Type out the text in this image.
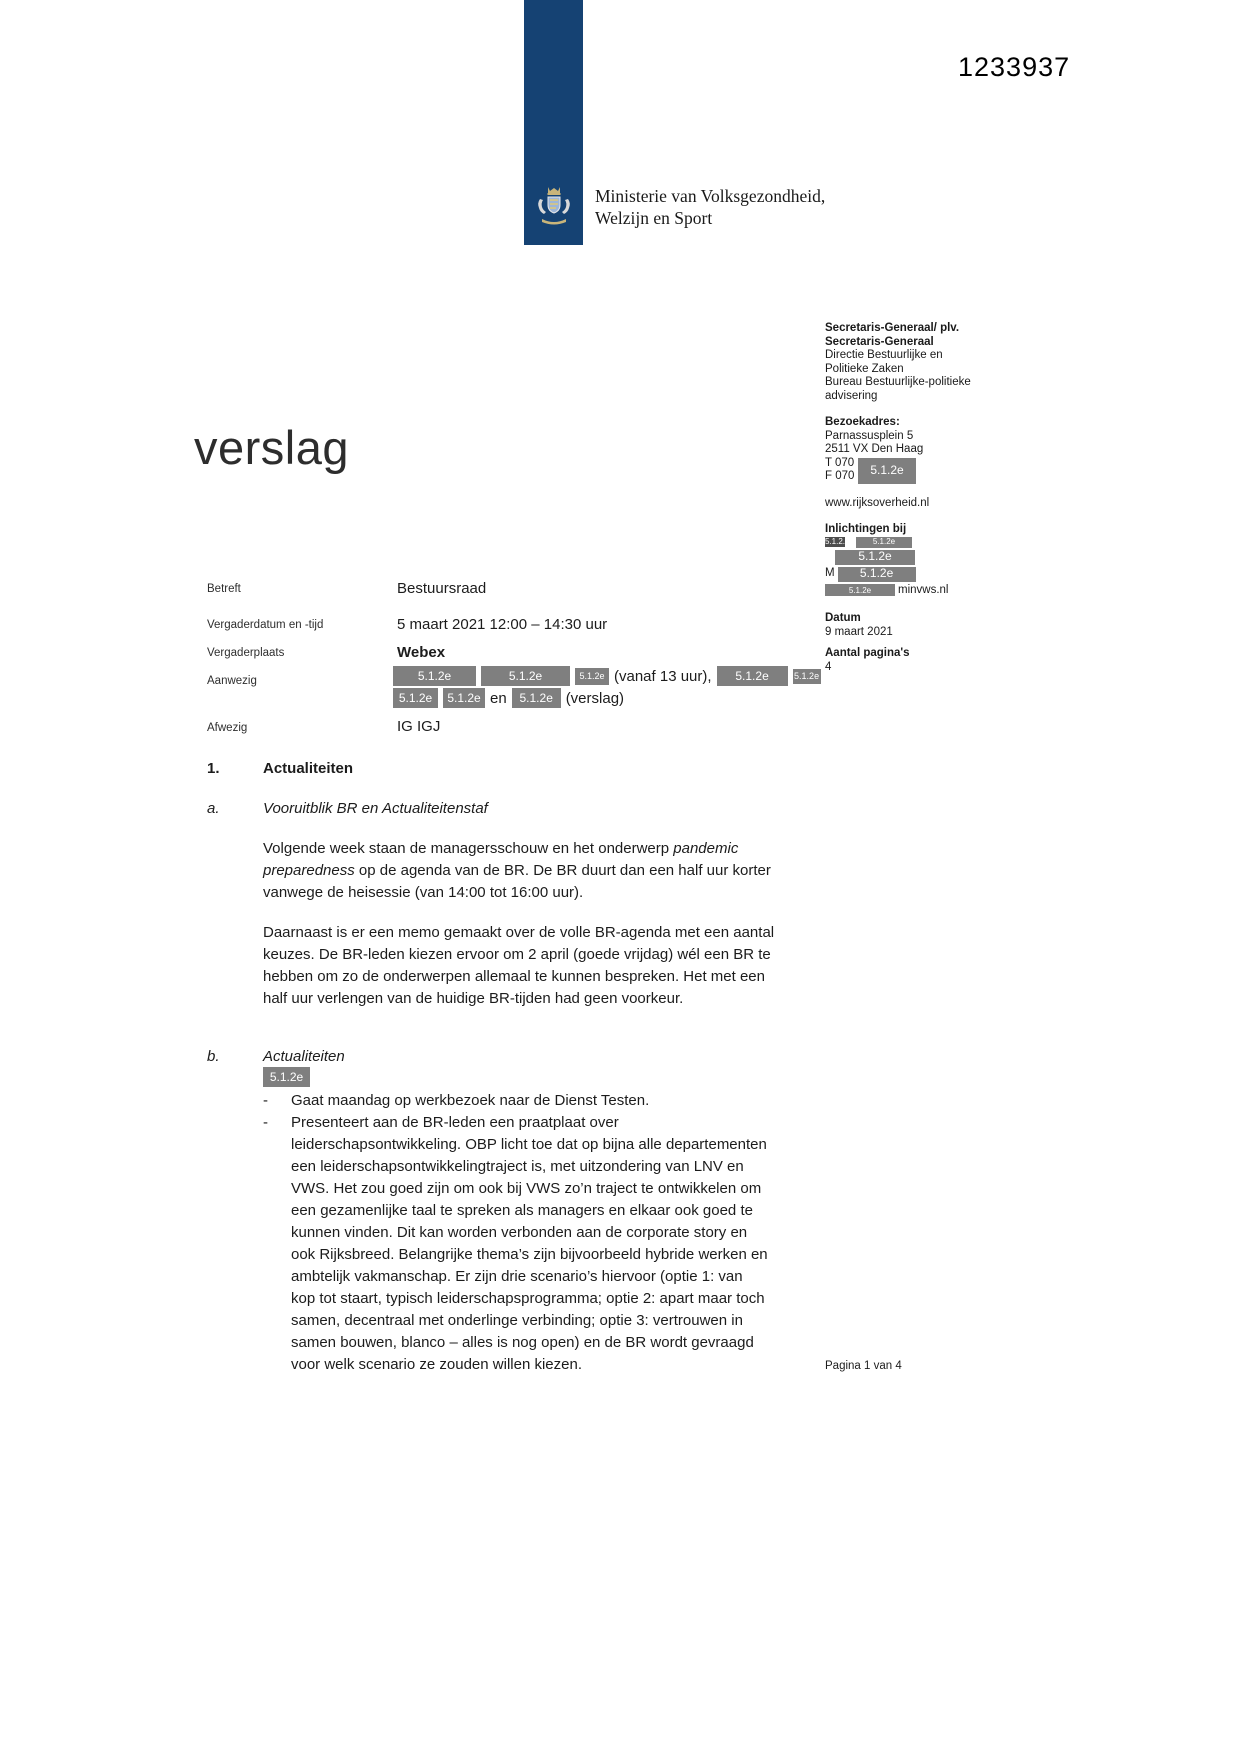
1233937
Ministerie van Volksgezondheid,
Welzijn en Sport
verslag
Secretaris-Generaal/ plv.
Secretaris-Generaal
Directie Bestuurlijke en
Politieke Zaken
Bureau Bestuurlijke-politieke
advisering
Bezoekadres:
Parnassusplein 5
2511 VX Den Haag
T 070
F 070	5.1.2e
www.rijksoverheid.nl
Inlichtingen bij
5.1.2.	5.1.2e
5.1.2e
M	5.1.2e
5.1.2e	minvws.nl
Datum
9 maart 2021
Aantal pagina's
4
Betreft	Bestuursraad
Vergaderdatum en -tijd	5 maart 2021 12:00 – 14:30 uur
Vergaderplaats	Webex
Aanwezig	5.1.2e	5.1.2e	5.1.2e (vanaf 13 uur),	5.1.2e	5.1.2e
5.1.2e	5.1.2e en	5.1.2e (verslag)
Afwezig	IG IGJ
1.	Actualiteiten
a.	Vooruitblik BR en Actualiteitenstaf
Volgende week staan de managersschouw en het onderwerp pandemic preparedness op de agenda van de BR. De BR duurt dan een half uur korter vanwege de heisessie (van 14:00 tot 16:00 uur).
Daarnaast is er een memo gemaakt over de volle BR-agenda met een aantal keuzes. De BR-leden kiezen ervoor om 2 april (goede vrijdag) wél een BR te hebben om zo de onderwerpen allemaal te kunnen bespreken. Het met een half uur verlengen van de huidige BR-tijden had geen voorkeur.
b.	Actualiteiten
5.1.2e
-	Gaat maandag op werkbezoek naar de Dienst Testen.
-	Presenteert aan de BR-leden een praatplaat over leiderschapsontwikkeling. OBP licht toe dat op bijna alle departementen een leiderschapsontwikkelingtraject is, met uitzondering van LNV en VWS. Het zou goed zijn om ook bij VWS zo’n traject te ontwikkelen om een gezamenlijke taal te spreken als managers en elkaar ook goed te kunnen vinden. Dit kan worden verbonden aan de corporate story en ook Rijksbreed. Belangrijke thema’s zijn bijvoorbeeld hybride werken en ambtelijk vakmanschap. Er zijn drie scenario’s hiervoor (optie 1: van kop tot staart, typisch leiderschapsprogramma; optie 2: apart maar toch samen, decentraal met onderlinge verbinding; optie 3: vertrouwen in samen bouwen, blanco – alles is nog open) en de BR wordt gevraagd voor welk scenario ze zouden willen kiezen.	Pagina 1 van 4
